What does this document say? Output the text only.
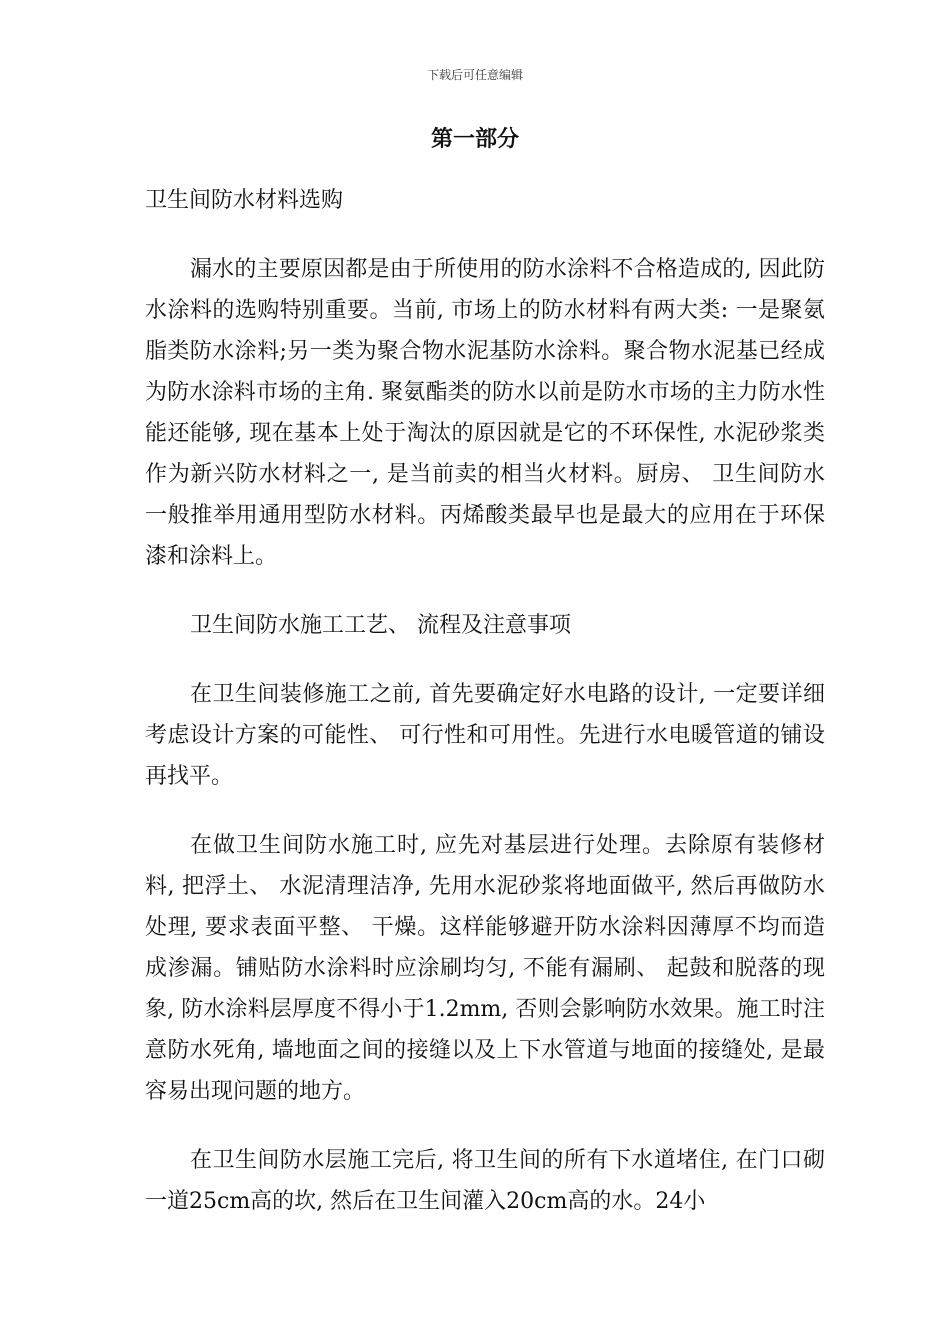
下载后可任意编辑
第一部分

卫生间防水材料选购

漏水的主要原因都是由于所使用的防水涂料不合格造成的, 因此防水涂料的选购特别重要。当前, 市场上的防水材料有两大类: 一是聚氨脂类防水涂料;另一类为聚合物水泥基防水涂料。聚合物水泥基已经成为防水涂料市场的主角. 聚氨酯类的防水以前是防水市场的主力防水性能还能够, 现在基本上处于淘汰的原因就是它的不环保性, 水泥砂浆类作为新兴防水材料之一, 是当前卖的相当火材料。厨房、 卫生间防水一般推举用通用型防水材料。丙烯酸类最早也是最大的应用在于环保漆和涂料上。

卫生间防水施工工艺、 流程及注意事项

在卫生间装修施工之前, 首先要确定好水电路的设计, 一定要详细考虑设计方案的可能性、 可行性和可用性。先进行水电暖管道的铺设再找平。

在做卫生间防水施工时, 应先对基层进行处理。去除原有装修材料, 把浮土、 水泥清理洁净, 先用水泥砂浆将地面做平, 然后再做防水处理, 要求表面平整、 干燥。这样能够避开防水涂料因薄厚不均而造成渗漏。铺贴防水涂料时应涂刷均匀, 不能有漏刷、 起鼓和脱落的现象, 防水涂料层厚度不得小于1.2mm, 否则会影响防水效果。施工时注意防水死角, 墙地面之间的接缝以及上下水管道与地面的接缝处, 是最容易出现问题的地方。

在卫生间防水层施工完后, 将卫生间的所有下水道堵住, 在门口砌一道25cm高的坎, 然后在卫生间灌入20cm高的水。24小
